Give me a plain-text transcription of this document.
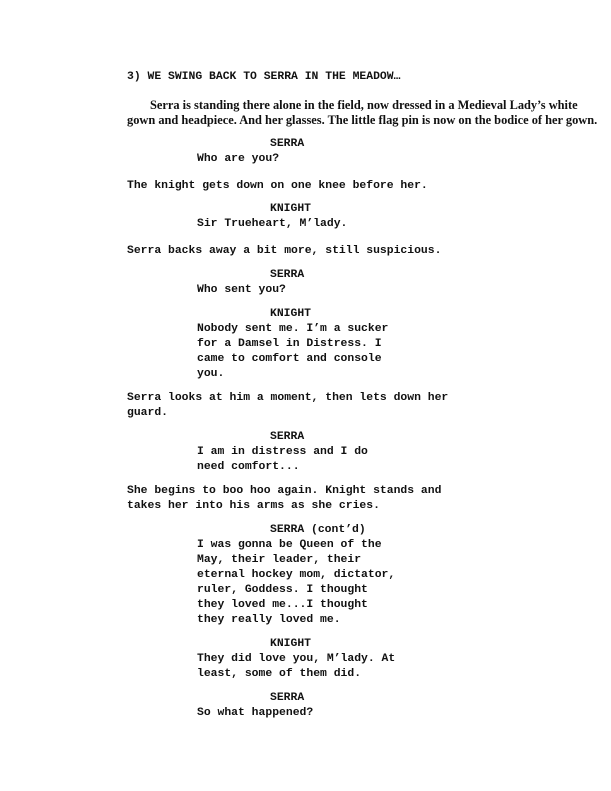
3) WE SWING BACK TO SERRA IN THE MEADOW…
Serra is standing there alone in the field, now dressed in a Medieval Lady’s white
gown and headpiece. And her glasses. The little flag pin is now on the bodice of her gown.
SERRA
Who are you?
The knight gets down on one knee before her.
KNIGHT
Sir Trueheart, M’lady.
Serra backs away a bit more, still suspicious.
SERRA
Who sent you?
KNIGHT
Nobody sent me. I’m a sucker
for a Damsel in Distress. I
came to comfort and console
you.
Serra looks at him a moment, then lets down her
guard.
SERRA
I am in distress and I do
need comfort...
She begins to boo hoo again. Knight stands and
takes her into his arms as she cries.
SERRA (cont’d)
I was gonna be Queen of the
May, their leader, their
eternal hockey mom, dictator,
ruler, Goddess. I thought
they loved me...I thought
they really loved me.
KNIGHT
They did love you, M’lady. At
least, some of them did.
SERRA
So what happened?
